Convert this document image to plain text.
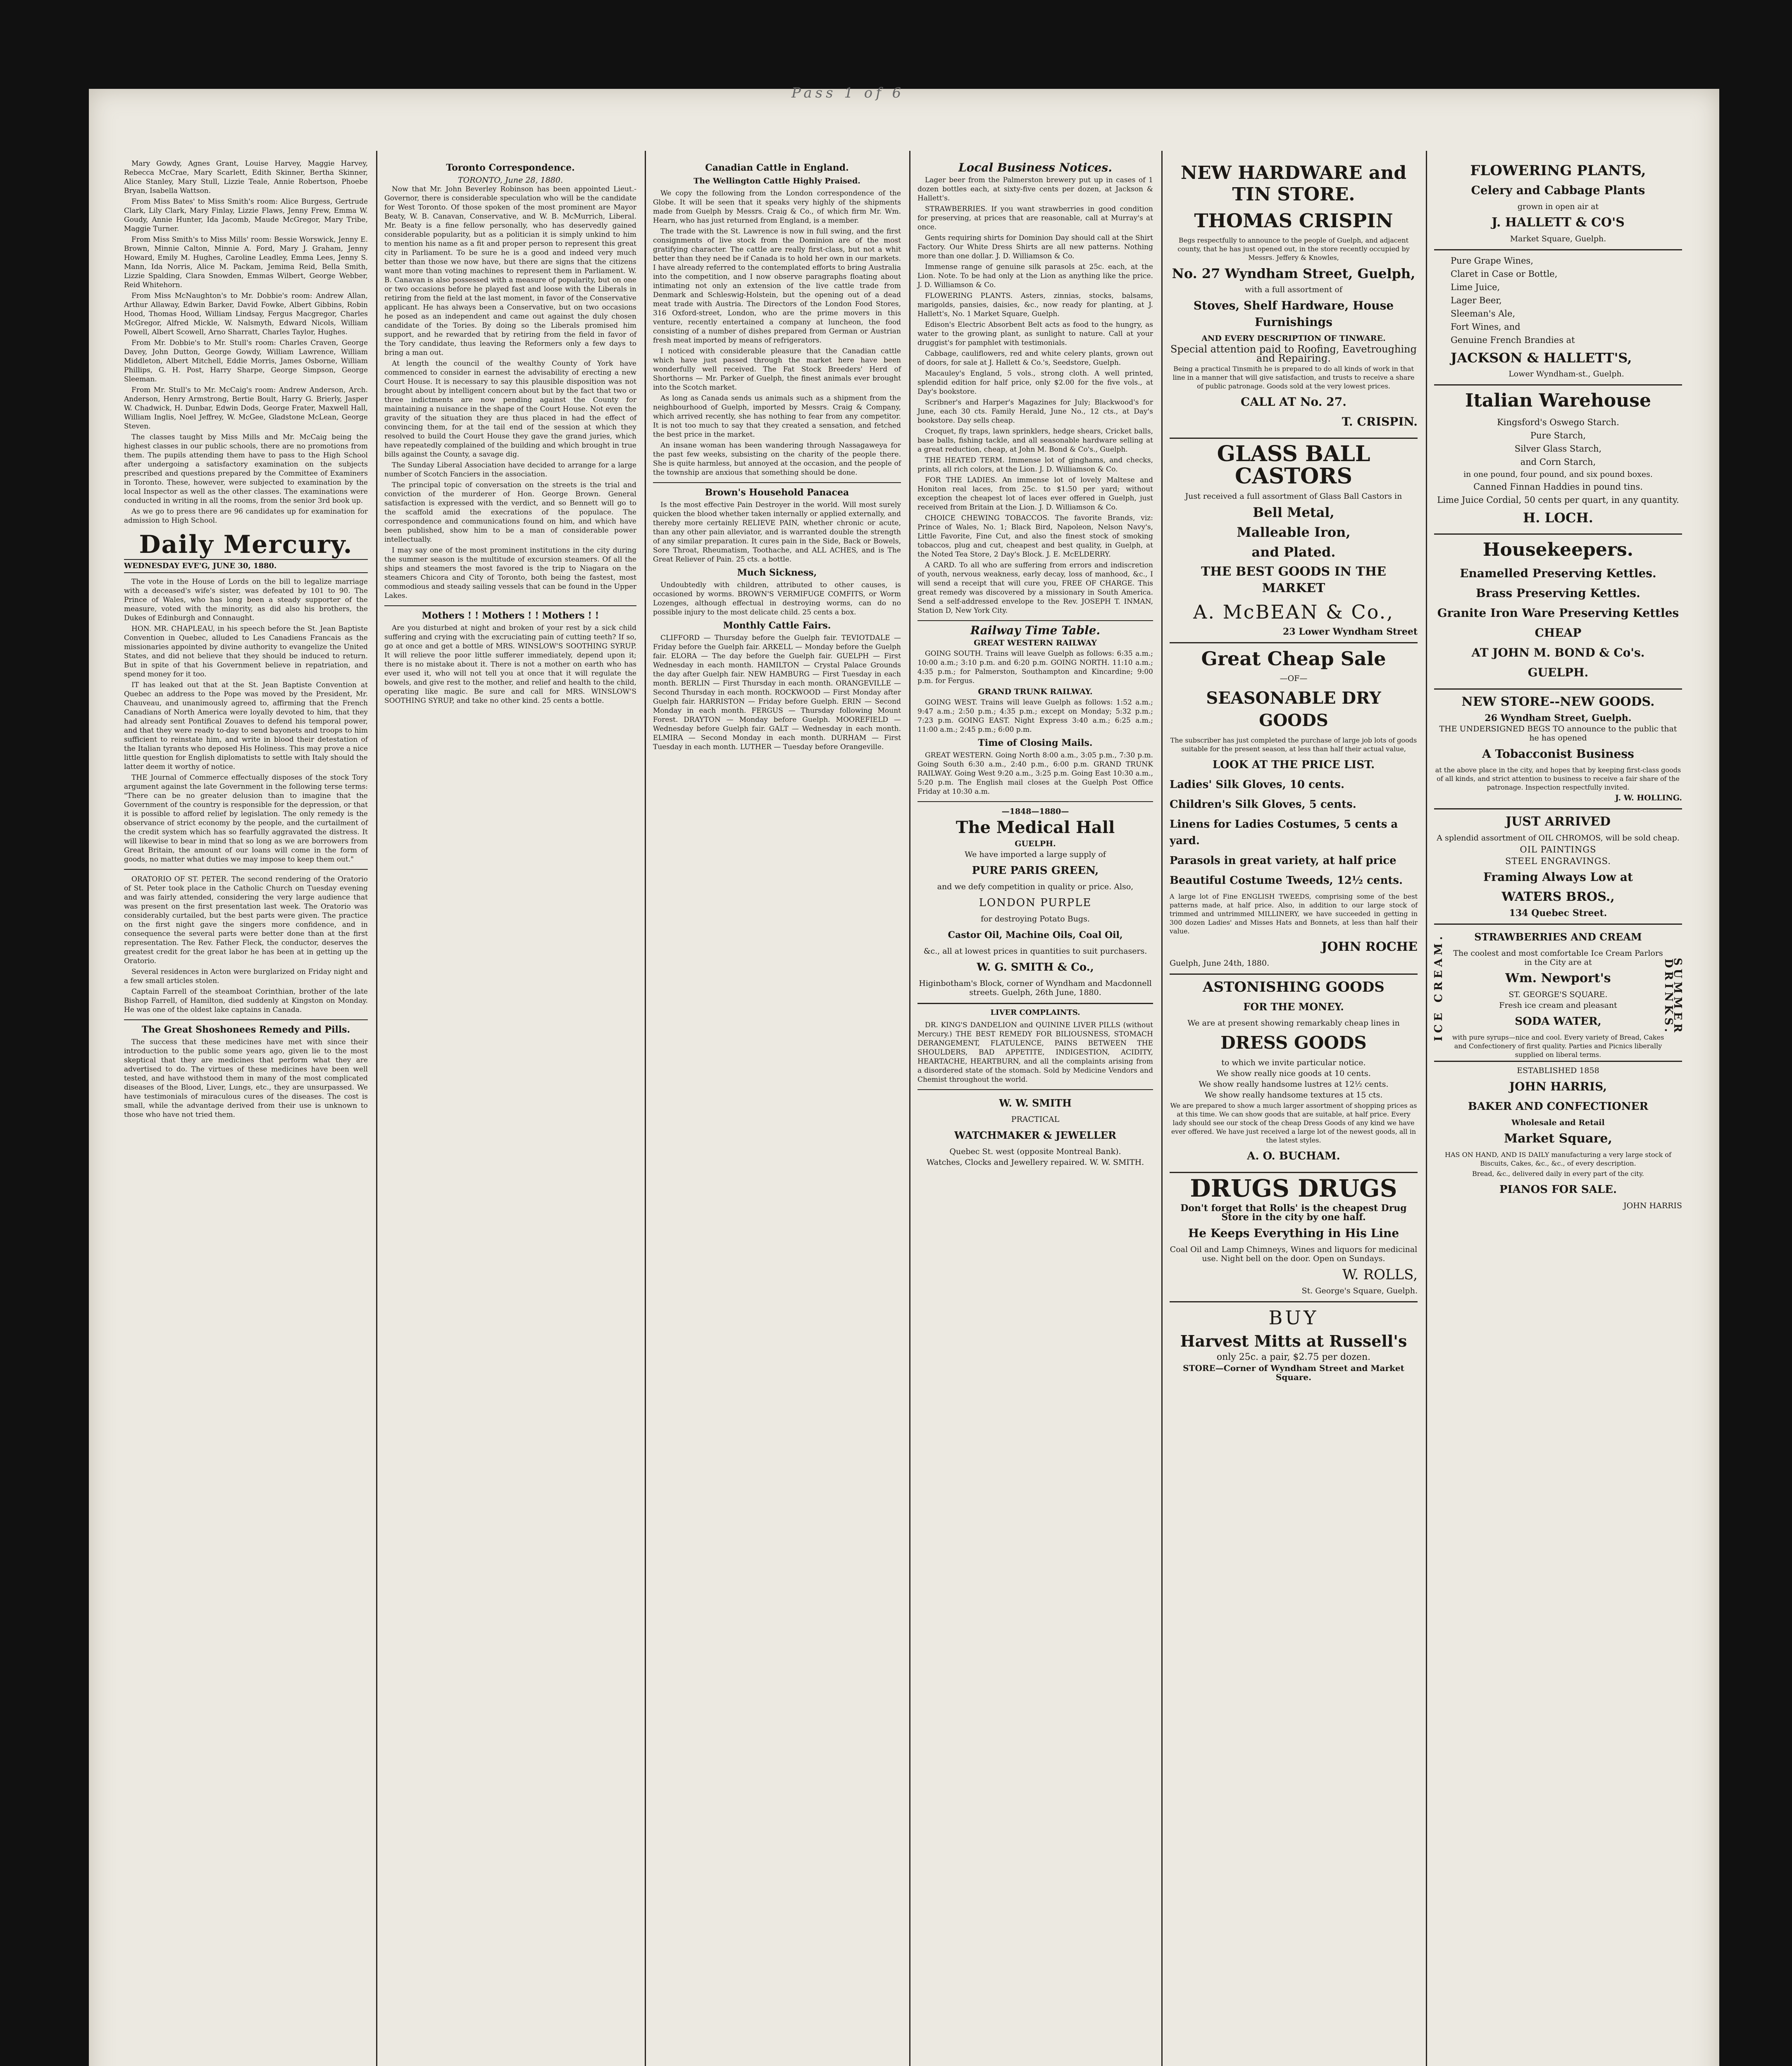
Pass 1 of 6

Mary Gowdy, Agnes Grant, Louise Harvey, Maggie Harvey, Rebecca McCrae, Mary Scarlett, Edith Skinner, Bertha Skinner, Alice Stanley, Mary Stull, Lizzie Teale, Annie Robertson, Phoebe Bryan, Isabella Wattson.

From Miss Bates' to Miss Smith's room: Alice Burgess, Gertrude Clark, Lily Clark, Mary Finlay, Lizzie Flaws, Jenny Frew, Emma W. Goudy, Annie Hunter, Ida Jacomb, Maude McGregor, Mary Tribe, Maggie Turner.

From Miss Smith's to Miss Mills' room: Bessie Worswick, Jenny E. Brown, Minnie Calton, Minnie A. Ford, Mary J. Graham, Jenny Howard, Emily M. Hughes, Caroline Leadley, Emma Lees, Jenny S. Mann, Ida Norris, Alice M. Packam, Jemima Reid, Bella Smith, Lizzie Spalding, Clara Snowden, Emmas Wilbert, George Webber, Reid Whitehorn.

From Miss McNaughton's to Mr. Dobbie's room: Andrew Allan, Arthur Allaway, Edwin Barker, David Fowke, Albert Gibbins, Robin Hood, Thomas Hood, William Lindsay, Fergus Macgregor, Charles McGregor, Alfred Mickle, W. Nalsmyth, Edward Nicols, William Powell, Albert Scowell, Arno Sharratt, Charles Taylor, Hughes.

From Mr. Dobbie's to Mr. Stull's room: Charles Craven, George Davey, John Dutton, George Gowdy, William Lawrence, William Middleton, Albert Mitchell, Eddie Morris, James Osborne, William Phillips, G. H. Post, Harry Sharpe, George Simpson, George Sleeman.

From Mr. Stull's to Mr. McCaig's room: Andrew Anderson, Arch. Anderson, Henry Armstrong, Bertie Boult, Harry G. Brierly, Jasper W. Chadwick, H. Dunbar, Edwin Dods, George Frater, Maxwell Hall, William Inglis, Noel Jeffrey, W. McGee, Gladstone McLean, George Steven.

The classes taught by Miss Mills and Mr. McCaig being the highest classes in our public schools, there are no promotions from them. The pupils attending them have to pass to the High School after undergoing a satisfactory examination on the subjects prescribed and questions prepared by the Committee of Examiners in Toronto. These, however, were subjected to examination by the local Inspector as well as the other classes. The examinations were conducted in writing in all the rooms, from the senior 3rd book up.

As we go to press there are 96 candidates up for examination for admission to High School.

Daily Mercury.
WEDNESDAY EVE'G, JUNE 30, 1880.

The vote in the House of Lords on the bill to legalize marriage with a deceased's wife's sister, was defeated by 101 to 90. The Prince of Wales, who has long been a steady supporter of the measure, voted with the minority, as did also his brothers, the Dukes of Edinburgh and Connaught.

HON. MR. CHAPLEAU, in his speech before the St. Jean Baptiste Convention in Quebec, alluded to Les Canadiens Francais as the missionaries appointed by divine authority to evangelize the United States, and did not believe that they should be induced to return. But in spite of that his Government believe in repatriation, and spend money for it too.

IT has leaked out that at the St. Jean Baptiste Convention at Quebec an address to the Pope was moved by the President, Mr. Chauveau, and unanimously agreed to, affirming that the French Canadians of North America were loyally devoted to him, that they had already sent Pontifical Zouaves to defend his temporal power, and that they were ready to-day to send bayonets and troops to him sufficient to reinstate him, and write in blood their detestation of the Italian tyrants who deposed His Holiness. This may prove a nice little question for English diplomatists to settle with Italy should the latter deem it worthy of notice.

THE Journal of Commerce effectually disposes of the stock Tory argument against the late Government in the following terse terms: "There can be no greater delusion than to imagine that the Government of the country is responsible for the depression, or that it is possible to afford relief by legislation. The only remedy is the observance of strict economy by the people, and the curtailment of the credit system which has so fearfully aggravated the distress. It will likewise to bear in mind that so long as we are borrowers from Great Britain, the amount of our loans will come in the form of goods, no matter what duties we may impose to keep them out."

ORATORIO OF ST. PETER. The second rendering of the Oratorio of St. Peter took place in the Catholic Church on Tuesday evening and was fairly attended, considering the very large audience that was present on the first presentation last week. The Oratorio was considerably curtailed, but the best parts were given. The practice on the first night gave the singers more confidence, and in consequence the several parts were better done than at the first representation. The Rev. Father Fleck, the conductor, deserves the greatest credit for the great labor he has been at in getting up the Oratorio.

Several residences in Acton were burglarized on Friday night and a few small articles stolen.

Captain Farrell of the steamboat Corinthian, brother of the late Bishop Farrell, of Hamilton, died suddenly at Kingston on Monday. He was one of the oldest lake captains in Canada.

The Great Shoshonees Remedy and Pills.

The success that these medicines have met with since their introduction to the public some years ago, given lie to the most skeptical that they are medicines that perform what they are advertised to do. The virtues of these medicines have been well tested, and have withstood them in many of the most complicated diseases of the Blood, Liver, Lungs, etc., they are unsurpassed. We have testimonials of miraculous cures of the diseases. The cost is small, while the advantage derived from their use is unknown to those who have not tried them.

Toronto Correspondence.
TORONTO, June 28, 1880.

Now that Mr. John Beverley Robinson has been appointed Lieut.-Governor, there is considerable speculation who will be the candidate for West Toronto. Of those spoken of the most prominent are Mayor Beaty, W. B. Canavan, Conservative, and W. B. McMurrich, Liberal. Mr. Beaty is a fine fellow personally, who has deservedly gained considerable popularity, but as a politician it is simply unkind to him to mention his name as a fit and proper person to represent this great city in Parliament. To be sure he is a good and indeed very much better than those we now have, but there are signs that the citizens want more than voting machines to represent them in Parliament. W. B. Canavan is also possessed with a measure of popularity, but on one or two occasions before he played fast and loose with the Liberals in retiring from the field at the last moment, in favor of the Conservative applicant. He has always been a Conservative, but on two occasions he posed as an independent and came out against the duly chosen candidate of the Tories. By doing so the Liberals promised him support, and he rewarded that by retiring from the field in favor of the Tory candidate, thus leaving the Reformers only a few days to bring a man out.

At length the council of the wealthy County of York have commenced to consider in earnest the advisability of erecting a new Court House. It is necessary to say this plausible disposition was not brought about by intelligent concern about but by the fact that two or three indictments are now pending against the County for maintaining a nuisance in the shape of the Court House. Not even the gravity of the situation they are thus placed in had the effect of convincing them, for at the tail end of the session at which they resolved to build the Court House they gave the grand juries, which have repeatedly complained of the building and which brought in true bills against the County, a savage dig.

The Sunday Liberal Association have decided to arrange for a large number of Scotch Fanciers in the association.

The principal topic of conversation on the streets is the trial and conviction of the murderer of Hon. George Brown. General satisfaction is expressed with the verdict, and so Bennett will go to the scaffold amid the execrations of the populace. The correspondence and communications found on him, and which have been published, show him to be a man of considerable power intellectually.

I may say one of the most prominent institutions in the city during the summer season is the multitude of excursion steamers. Of all the ships and steamers the most favored is the trip to Niagara on the steamers Chicora and City of Toronto, both being the fastest, most commodious and steady sailing vessels that can be found in the Upper Lakes.

Mothers ! ! Mothers ! ! Mothers ! !

Are you disturbed at night and broken of your rest by a sick child suffering and crying with the excruciating pain of cutting teeth? If so, go at once and get a bottle of MRS. WINSLOW'S SOOTHING SYRUP. It will relieve the poor little sufferer immediately, depend upon it; there is no mistake about it. There is not a mother on earth who has ever used it, who will not tell you at once that it will regulate the bowels, and give rest to the mother, and relief and health to the child, operating like magic. Be sure and call for MRS. WINSLOW'S SOOTHING SYRUP, and take no other kind. 25 cents a bottle.

Canadian Cattle in England.
The Wellington Cattle Highly Praised.

We copy the following from the London correspondence of the Globe. It will be seen that it speaks very highly of the shipments made from Guelph by Messrs. Craig & Co., of which firm Mr. Wm. Hearn, who has just returned from England, is a member.

The trade with the St. Lawrence is now in full swing, and the first consignments of live stock from the Dominion are of the most gratifying character. The cattle are really first-class, but not a whit better than they need be if Canada is to hold her own in our markets. I have already referred to the contemplated efforts to bring Australia into the competition, and I now observe paragraphs floating about intimating not only an extension of the live cattle trade from Denmark and Schleswig-Holstein, but the opening out of a dead meat trade with Austria. The Directors of the London Food Stores, 316 Oxford-street, London, who are the prime movers in this venture, recently entertained a company at luncheon, the food consisting of a number of dishes prepared from German or Austrian fresh meat imported by means of refrigerators.

I noticed with considerable pleasure that the Canadian cattle which have just passed through the market here have been wonderfully well received. The Fat Stock Breeders' Herd of Shorthorns — Mr. Parker of Guelph, the finest animals ever brought into the Scotch market.

As long as Canada sends us animals such as a shipment from the neighbourhood of Guelph, imported by Messrs. Craig & Company, which arrived recently, she has nothing to fear from any competitor. It is not too much to say that they created a sensation, and fetched the best price in the market.

An insane woman has been wandering through Nassagaweya for the past few weeks, subsisting on the charity of the people there. She is quite harmless, but annoyed at the occasion, and the people of the township are anxious that something should be done.

Brown's Household Panacea

Is the most effective Pain Destroyer in the world. Will most surely quicken the blood whether taken internally or applied externally, and thereby more certainly RELIEVE PAIN, whether chronic or acute, than any other pain alleviator, and is warranted double the strength of any similar preparation. It cures pain in the Side, Back or Bowels, Sore Throat, Rheumatism, Toothache, and ALL ACHES, and is The Great Reliever of Pain. 25 cts. a bottle.

Much Sickness,

Undoubtedly with children, attributed to other causes, is occasioned by worms. BROWN'S VERMIFUGE COMFITS, or Worm Lozenges, although effectual in destroying worms, can do no possible injury to the most delicate child. 25 cents a box.

Monthly Cattle Fairs.

CLIFFORD — Thursday before the Guelph fair. TEVIOTDALE — Friday before the Guelph fair. ARKELL — Monday before the Guelph fair. ELORA — The day before the Guelph fair. GUELPH — First Wednesday in each month. HAMILTON — Crystal Palace Grounds the day after Guelph fair. NEW HAMBURG — First Tuesday in each month. BERLIN — First Thursday in each month. ORANGEVILLE — Second Thursday in each month. ROCKWOOD — First Monday after Guelph fair. HARRISTON — Friday before Guelph. ERIN — Second Monday in each month. FERGUS — Thursday following Mount Forest. DRAYTON — Monday before Guelph. MOOREFIELD — Wednesday before Guelph fair. GALT — Wednesday in each month. ELMIRA — Second Monday in each month. DURHAM — First Tuesday in each month. LUTHER — Tuesday before Orangeville.

Local Business Notices.

Lager beer from the Palmerston brewery put up in cases of 1 dozen bottles each, at sixty-five cents per dozen, at Jackson & Hallett's.

STRAWBERRIES. If you want strawberries in good condition for preserving, at prices that are reasonable, call at Murray's at once.

Gents requiring shirts for Dominion Day should call at the Shirt Factory. Our White Dress Shirts are all new patterns. Nothing more than one dollar. J. D. Williamson & Co.

Immense range of genuine silk parasols at 25c. each, at the Lion. Note. To be had only at the Lion as anything like the price. J. D. Williamson & Co.

FLOWERING PLANTS. Asters, zinnias, stocks, balsams, marigolds, pansies, daisies, &c., now ready for planting, at J. Hallett's, No. 1 Market Square, Guelph.

Edison's Electric Absorbent Belt acts as food to the hungry, as water to the growing plant, as sunlight to nature. Call at your druggist's for pamphlet with testimonials.

Cabbage, cauliflowers, red and white celery plants, grown out of doors, for sale at J. Hallett & Co.'s, Seedstore, Guelph.

Macauley's England, 5 vols., strong cloth. A well printed, splendid edition for half price, only $2.00 for the five vols., at Day's bookstore.

Scribner's and Harper's Magazines for July; Blackwood's for June, each 30 cts. Family Herald, June No., 12 cts., at Day's bookstore. Day sells cheap.

Croquet, fly traps, lawn sprinklers, hedge shears, Cricket balls, base balls, fishing tackle, and all seasonable hardware selling at a great reduction, cheap, at John M. Bond & Co's., Guelph.

THE HEATED TERM. Immense lot of ginghams, and checks, prints, all rich colors, at the Lion. J. D. Williamson & Co.

FOR THE LADIES. An immense lot of lovely Maltese and Honiton real laces, from 25c. to $1.50 per yard; without exception the cheapest lot of laces ever offered in Guelph, just received from Britain at the Lion. J. D. Williamson & Co.

CHOICE CHEWING TOBACCOS. The favorite Brands, viz: Prince of Wales, No. 1; Black Bird, Napoleon, Nelson Navy's, Little Favorite, Fine Cut, and also the finest stock of smoking tobaccos, plug and cut, cheapest and best quality, in Guelph, at the Noted Tea Store, 2 Day's Block. J. E. McELDERRY.

A CARD. To all who are suffering from errors and indiscretion of youth, nervous weakness, early decay, loss of manhood, &c., I will send a receipt that will cure you, FREE OF CHARGE. This great remedy was discovered by a missionary in South America. Send a self-addressed envelope to the Rev. JOSEPH T. INMAN, Station D, New York City.

Railway Time Table.
GREAT WESTERN RAILWAY

GOING SOUTH. Trains will leave Guelph as follows: 6:35 a.m.; 10:00 a.m.; 3:10 p.m. and 6:20 p.m. GOING NORTH. 11:10 a.m.; 4:35 p.m.; for Palmerston, Southampton and Kincardine; 9:00 p.m. for Fergus.

GRAND TRUNK RAILWAY.

GOING WEST. Trains will leave Guelph as follows: 1:52 a.m.; 9:47 a.m.; 2:50 p.m.; 4:35 p.m.; except on Monday; 5:32 p.m.; 7:23 p.m. GOING EAST. Night Express 3:40 a.m.; 6:25 a.m.; 11:00 a.m.; 2:45 p.m.; 6:00 p.m.

Time of Closing Mails.

GREAT WESTERN. Going North 8:00 a.m., 3:05 p.m., 7:30 p.m. Going South 6:30 a.m., 2:40 p.m., 6:00 p.m. GRAND TRUNK RAILWAY. Going West 9:20 a.m., 3:25 p.m. Going East 10:30 a.m., 5:20 p.m. The English mail closes at the Guelph Post Office Friday at 10:30 a.m.

—1848—1880—
The Medical Hall
GUELPH.
We have imported a large supply of
PURE PARIS GREEN,
and we defy competition in quality or price. Also,
LONDON PURPLE
for destroying Potato Bugs.
Castor Oil, Machine Oils, Coal Oil,
&c., all at lowest prices in quantities to suit purchasers.
W. G. SMITH & Co.,
Higinbotham's Block, corner of Wyndham and Macdonnell streets. Guelph, 26th June, 1880.
LIVER COMPLAINTS.

DR. KING'S DANDELION and QUININE LIVER PILLS (without Mercury.) THE BEST REMEDY FOR BILIOUSNESS, STOMACH DERANGEMENT, FLATULENCE, PAINS BETWEEN THE SHOULDERS, BAD APPETITE, INDIGESTION, ACIDITY, HEARTACHE, HEARTBURN, and all the complaints arising from a disordered state of the stomach. Sold by Medicine Vendors and Chemist throughout the world.

W. W. SMITH
PRACTICAL
WATCHMAKER & JEWELLER
Quebec St. west (opposite Montreal Bank).
Watches, Clocks and Jewellery repaired. W. W. SMITH.
NEW HARDWARE and TIN STORE.
THOMAS CRISPIN
Begs respectfully to announce to the people of Guelph, and adjacent county, that he has just opened out, in the store recently occupied by Messrs. Jeffery & Knowles,
No. 27 Wyndham Street, Guelph,
with a full assortment of
Stoves, Shelf Hardware, House Furnishings
AND EVERY DESCRIPTION OF TINWARE.
Special attention paid to Roofing, Eavetroughing and Repairing.
Being a practical Tinsmith he is prepared to do all kinds of work in that line in a manner that will give satisfaction, and trusts to receive a share of public patronage. Goods sold at the very lowest prices.
CALL AT No. 27.
T. CRISPIN.
GLASS BALL CASTORS
Just received a full assortment of Glass Ball Castors in
Bell Metal,
Malleable Iron,
and Plated.
THE BEST GOODS IN THE MARKET
A. McBEAN & Co.,
23 Lower Wyndham Street
Great Cheap Sale
—OF—
SEASONABLE DRY GOODS
The subscriber has just completed the purchase of large job lots of goods suitable for the present season, at less than half their actual value,
LOOK AT THE PRICE LIST.
Ladies' Silk Gloves, 10 cents.
Children's Silk Gloves, 5 cents.
Linens for Ladies Costumes, 5 cents a yard.
Parasols in great variety, at half price
Beautiful Costume Tweeds, 12½ cents.
A large lot of Fine ENGLISH TWEEDS, comprising some of the best patterns made, at half price. Also, in addition to our large stock of trimmed and untrimmed MILLINERY, we have succeeded in getting in 300 dozen Ladies' and Misses Hats and Bonnets, at less than half their value.
JOHN ROCHE
Guelph, June 24th, 1880.
ASTONISHING GOODS
FOR THE MONEY.
We are at present showing remarkably cheap lines in
DRESS GOODS
to which we invite particular notice.
We show really nice goods at 10 cents.
We show really handsome lustres at 12½ cents.
We show really handsome textures at 15 cts.
We are prepared to show a much larger assortment of shopping prices as at this time. We can show goods that are suitable, at half price. Every lady should see our stock of the cheap Dress Goods of any kind we have ever offered. We have just received a large lot of the newest goods, all in the latest styles.
A. O. BUCHAM.
DRUGS DRUGS
Don't forget that Rolls' is the cheapest Drug Store in the city by one half.
He Keeps Everything in His Line
Coal Oil and Lamp Chimneys, Wines and liquors for medicinal use. Night bell on the door. Open on Sundays.
W. ROLLS,
St. George's Square, Guelph.
BUY
Harvest Mitts at Russell's
only 25c. a pair, $2.75 per dozen.
STORE—Corner of Wyndham Street and Market Square.
FLOWERING PLANTS,
Celery and Cabbage Plants
grown in open air at
J. HALLETT & CO'S
Market Square, Guelph.
Pure Grape Wines,
Claret in Case or Bottle,
Lime Juice,
Lager Beer,
Sleeman's Ale,
Fort Wines, and
Genuine French Brandies at
JACKSON & HALLETT'S,
Lower Wyndham-st., Guelph.
Italian Warehouse
Kingsford's Oswego Starch.
Pure Starch,
Silver Glass Starch,
and Corn Starch,
in one pound, four pound, and six pound boxes.
Canned Finnan Haddies in pound tins.
Lime Juice Cordial, 50 cents per quart, in any quantity.
H. LOCH.
Housekeepers.
Enamelled Preserving Kettles.
Brass Preserving Kettles.
Granite Iron Ware Preserving Kettles
CHEAP
AT JOHN M. BOND & Co's.
GUELPH.
NEW STORE--NEW GOODS.
26 Wyndham Street, Guelph.
THE UNDERSIGNED BEGS TO announce to the public that he has opened
A Tobacconist Business
at the above place in the city, and hopes that by keeping first-class goods of all kinds, and strict attention to business to receive a fair share of the patronage. Inspection respectfully invited.
J. W. HOLLING.
JUST ARRIVED
A splendid assortment of OIL CHROMOS, will be sold cheap.
OIL PAINTINGS
STEEL ENGRAVINGS.
Framing Always Low at
WATERS BROS.,
134 Quebec Street.
ICE CREAM.	SUMMER DRINKS.
STRAWBERRIES AND CREAM
The coolest and most comfortable Ice Cream Parlors in the City are at
Wm. Newport's
ST. GEORGE'S SQUARE.
Fresh ice cream and pleasant
SODA WATER,
with pure syrups—nice and cool. Every variety of Bread, Cakes and Confectionery of first quality. Parties and Picnics liberally supplied on liberal terms.
ESTABLISHED 1858
JOHN HARRIS,
BAKER AND CONFECTIONER
Wholesale and Retail
Market Square,
HAS ON HAND, AND IS DAILY manufacturing a very large stock of Biscuits, Cakes, &c., &c., of every description.
Bread, &c., delivered daily in every part of the city.
PIANOS FOR SALE.
JOHN HARRIS
